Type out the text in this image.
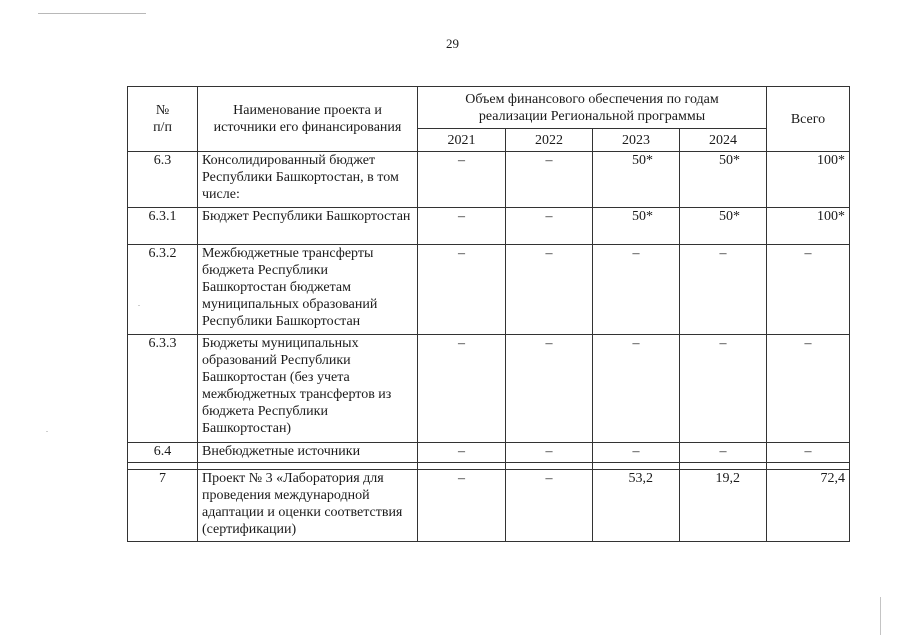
29
№
п/п	Наименование проекта и источники его финансирования	Объем финансового обеспечения по годам реализации Региональной программы				Всего
		2021	2022	2023	2024	
6.3	Консолидированный бюджет Республики Башкортостан, в том числе:	–	–	50*	50*	100*
6.3.1	Бюджет Республики Башкортостан	–	–	50*	50*	100*
6.3.2	Межбюджетные трансферты бюджета Республики Башкортостан бюджетам муниципальных образований Республики Башкортостан	–	–	–	–	–
6.3.3	Бюджеты муниципальных образований Республики Башкортостан (без учета межбюджетных трансфертов из бюджета Республики Башкортостан)	–	–	–	–	–
6.4	Внебюджетные источники	–	–	–	–	–

7	Проект № 3 «Лаборатория для проведения международной адаптации и оценки соответствия (сертификации)	–	–	53,2	19,2	72,4
